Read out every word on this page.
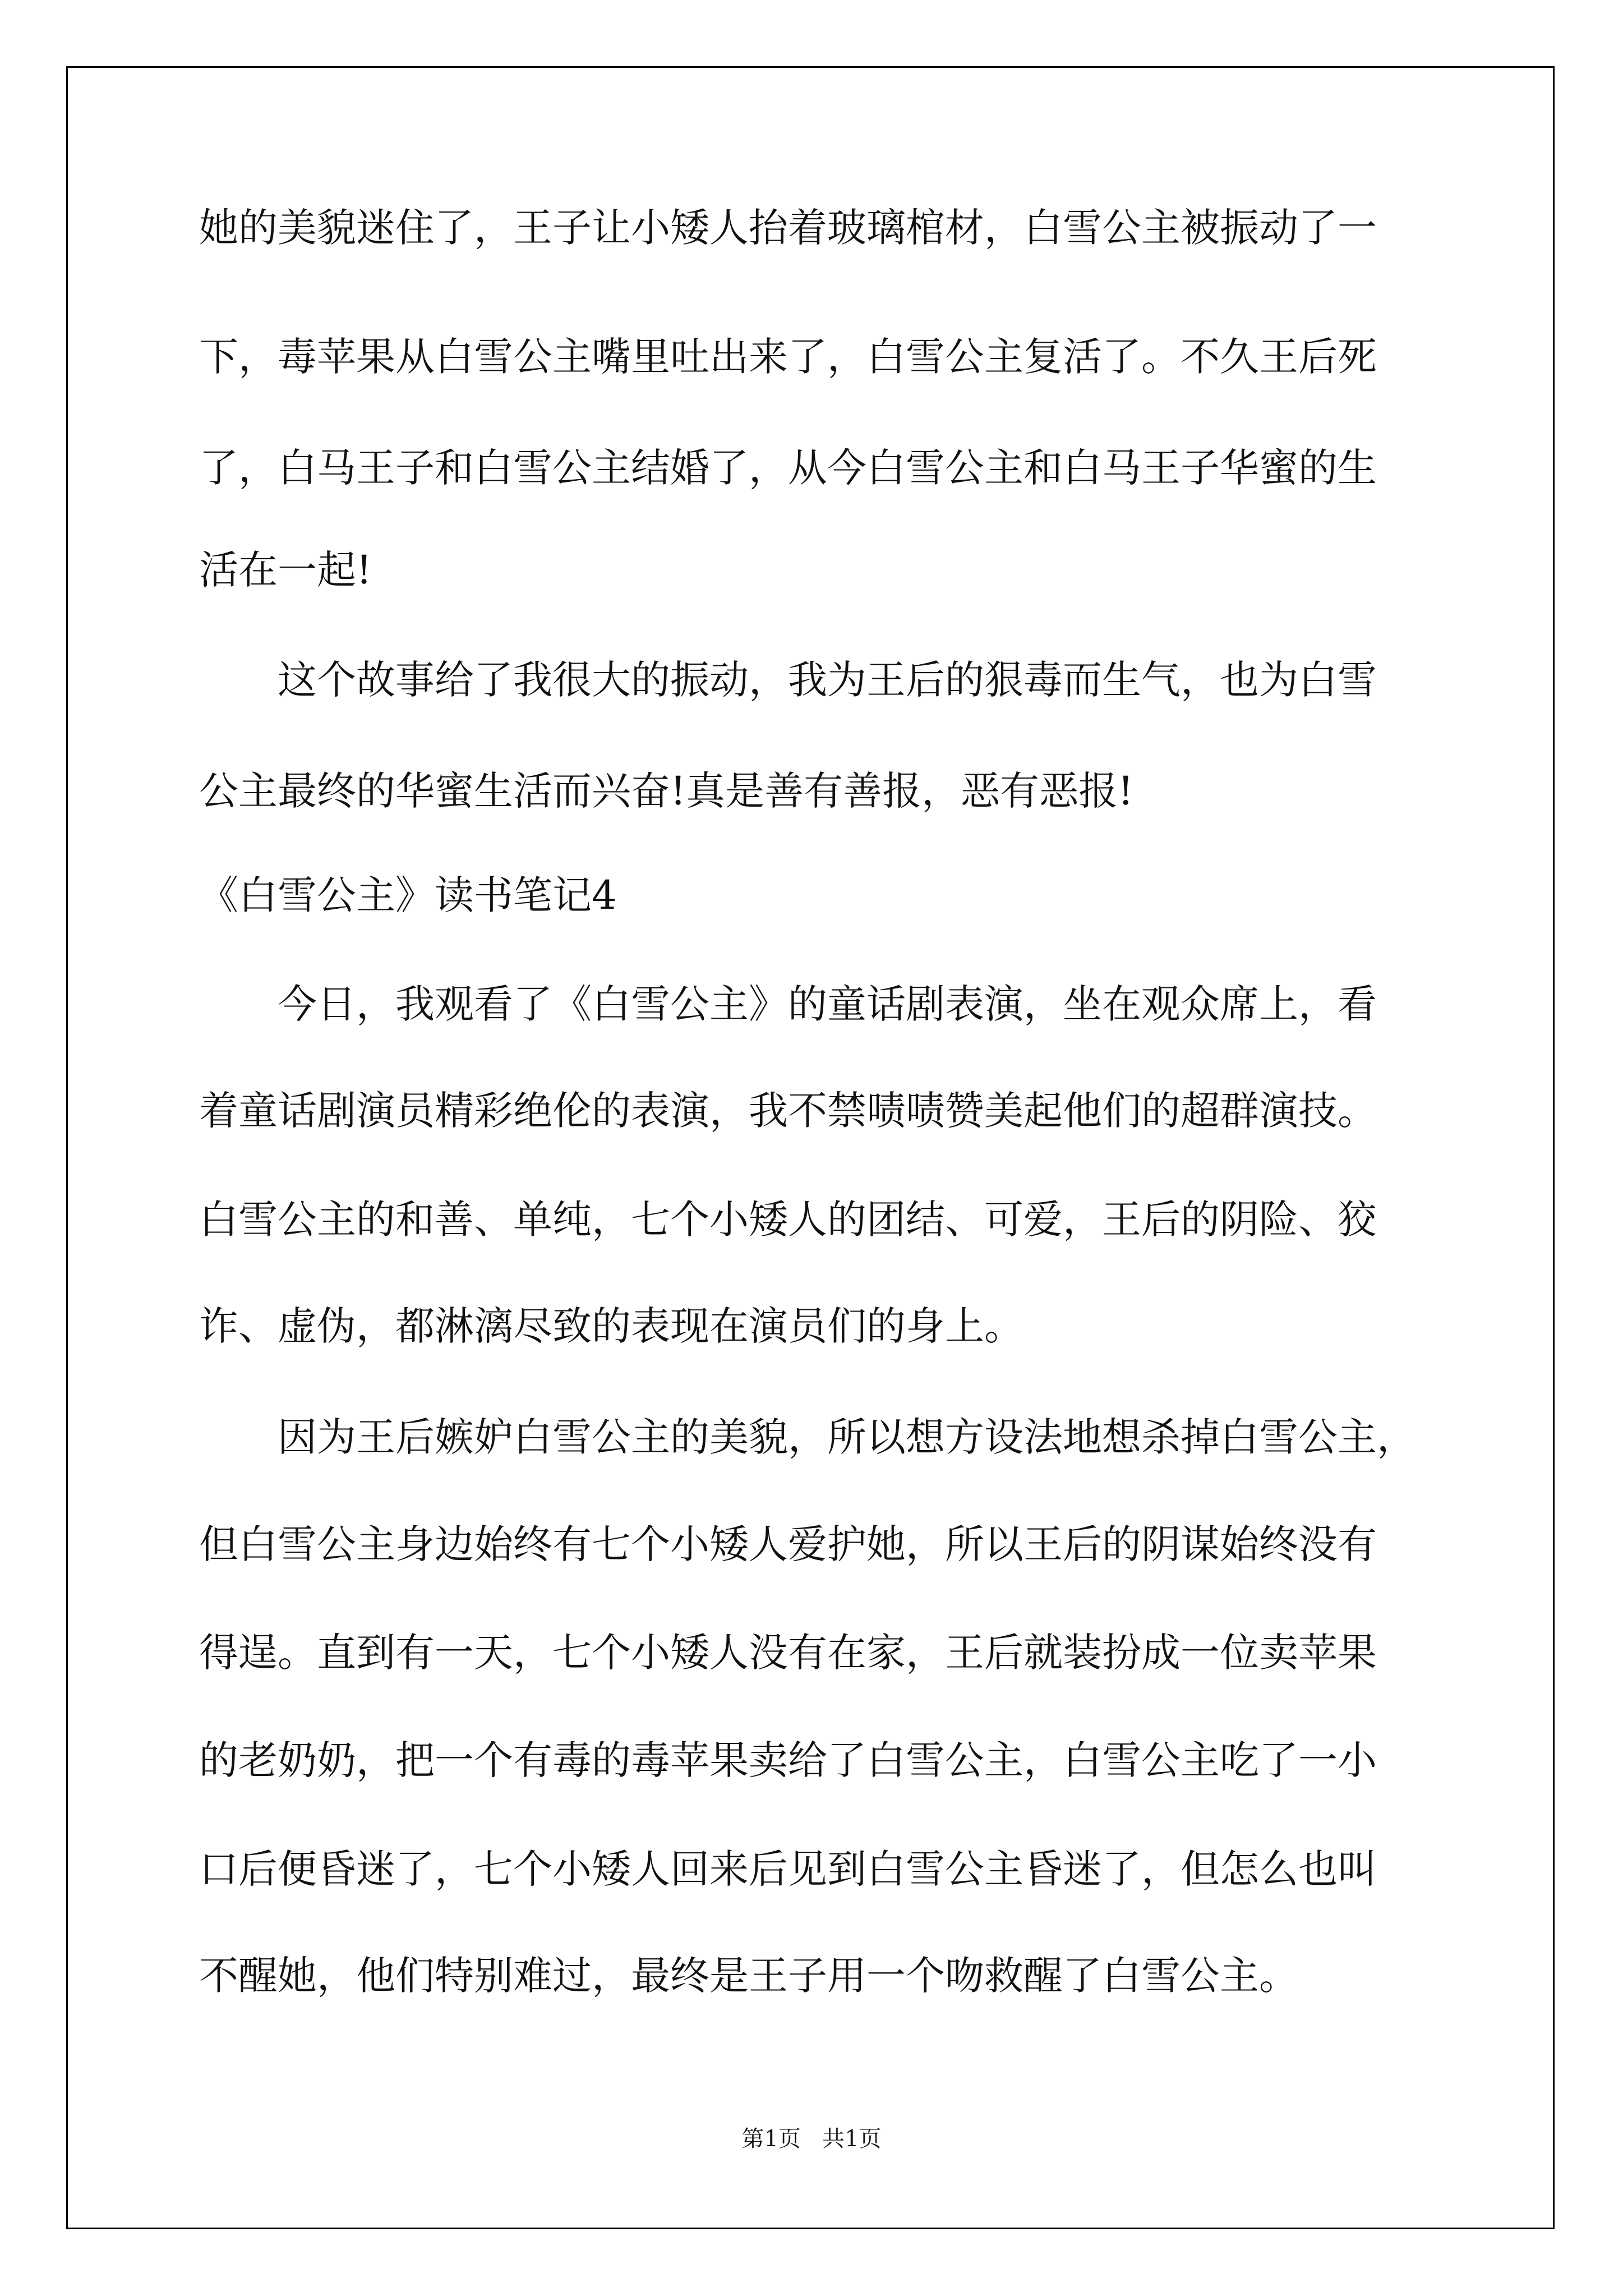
她的美貌迷住了，王子让小矮人抬着玻璃棺材，白雪公主被振动了一
下，毒苹果从白雪公主嘴里吐出来了，白雪公主复活了。不久王后死
了，白马王子和白雪公主结婚了，从今白雪公主和白马王子华蜜的生
活在一起!
这个故事给了我很大的振动，我为王后的狠毒而生气，也为白雪
公主最终的华蜜生活而兴奋!真是善有善报，恶有恶报!
《白雪公主》读书笔记4
今日，我观看了《白雪公主》的童话剧表演，坐在观众席上，看
着童话剧演员精彩绝伦的表演，我不禁啧啧赞美起他们的超群演技。
白雪公主的和善、单纯，七个小矮人的团结、可爱，王后的阴险、狡
诈、虚伪，都淋漓尽致的表现在演员们的身上。
因为王后嫉妒白雪公主的美貌，所以想方设法地想杀掉白雪公主，
但白雪公主身边始终有七个小矮人爱护她，所以王后的阴谋始终没有
得逞。直到有一天，七个小矮人没有在家，王后就装扮成一位卖苹果
的老奶奶，把一个有毒的毒苹果卖给了白雪公主，白雪公主吃了一小
口后便昏迷了，七个小矮人回来后见到白雪公主昏迷了，但怎么也叫
不醒她，他们特别难过，最终是王子用一个吻救醒了白雪公主。
第1页   共1页
